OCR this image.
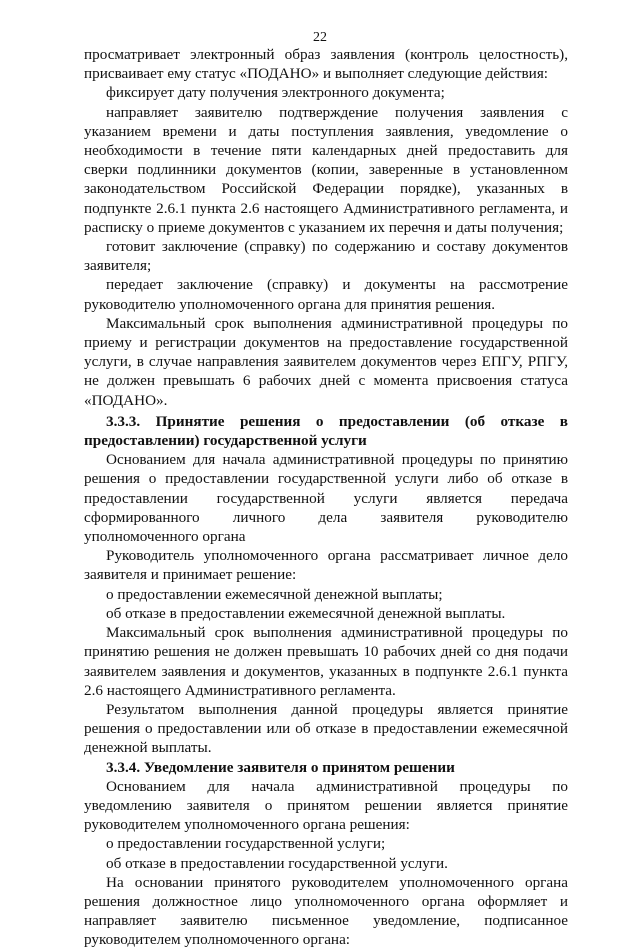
22

просматривает электронный образ заявления (контроль целостность), присваивает ему статус «ПОДАНО» и выполняет следующие действия:

фиксирует дату получения электронного документа;

направляет заявителю подтверждение получения заявления с указанием времени и даты поступления заявления, уведомление о необходимости в течение пяти календарных дней предоставить для сверки подлинники документов (копии, заверенные в установленном законодательством Российской Федерации порядке), указанных в подпункте 2.6.1 пункта 2.6 настоящего Административного регламента, и расписку о приеме документов с указанием их перечня и даты получения;

готовит заключение (справку) по содержанию и составу документов заявителя;

передает заключение (справку) и документы на рассмотрение руководителю уполномоченного органа для принятия решения.

Максимальный срок выполнения административной процедуры по приему и регистрации документов на предоставление государственной услуги, в случае направления заявителем документов через ЕПГУ, РПГУ, не должен превышать 6 рабочих дней с момента присвоения статуса «ПОДАНО».

3.3.3. Принятие решения о предоставлении (об отказе в предоставлении) государственной услуги

Основанием для начала административной процедуры по принятию решения о предоставлении государственной услуги либо об отказе в предоставлении государственной услуги является передача сформированного личного дела заявителя руководителю уполномоченного органа

Руководитель уполномоченного органа рассматривает личное дело заявителя и принимает решение:

о предоставлении ежемесячной денежной выплаты;

об отказе в предоставлении ежемесячной денежной выплаты.

Максимальный срок выполнения административной процедуры по принятию решения не должен превышать 10 рабочих дней со дня подачи заявителем заявления и документов, указанных в подпункте 2.6.1 пункта 2.6 настоящего Административного регламента.

Результатом выполнения данной процедуры является принятие решения о предоставлении или об отказе в предоставлении ежемесячной денежной выплаты.

3.3.4. Уведомление заявителя о принятом решении

Основанием для начала административной процедуры по уведомлению заявителя о принятом решении является принятие руководителем уполномоченного органа решения:

о предоставлении государственной услуги;

об отказе в предоставлении государственной услуги.

На основании принятого руководителем уполномоченного органа решения должностное лицо уполномоченного органа оформляет и направляет заявителю письменное уведомление, подписанное руководителем уполномоченного органа:
